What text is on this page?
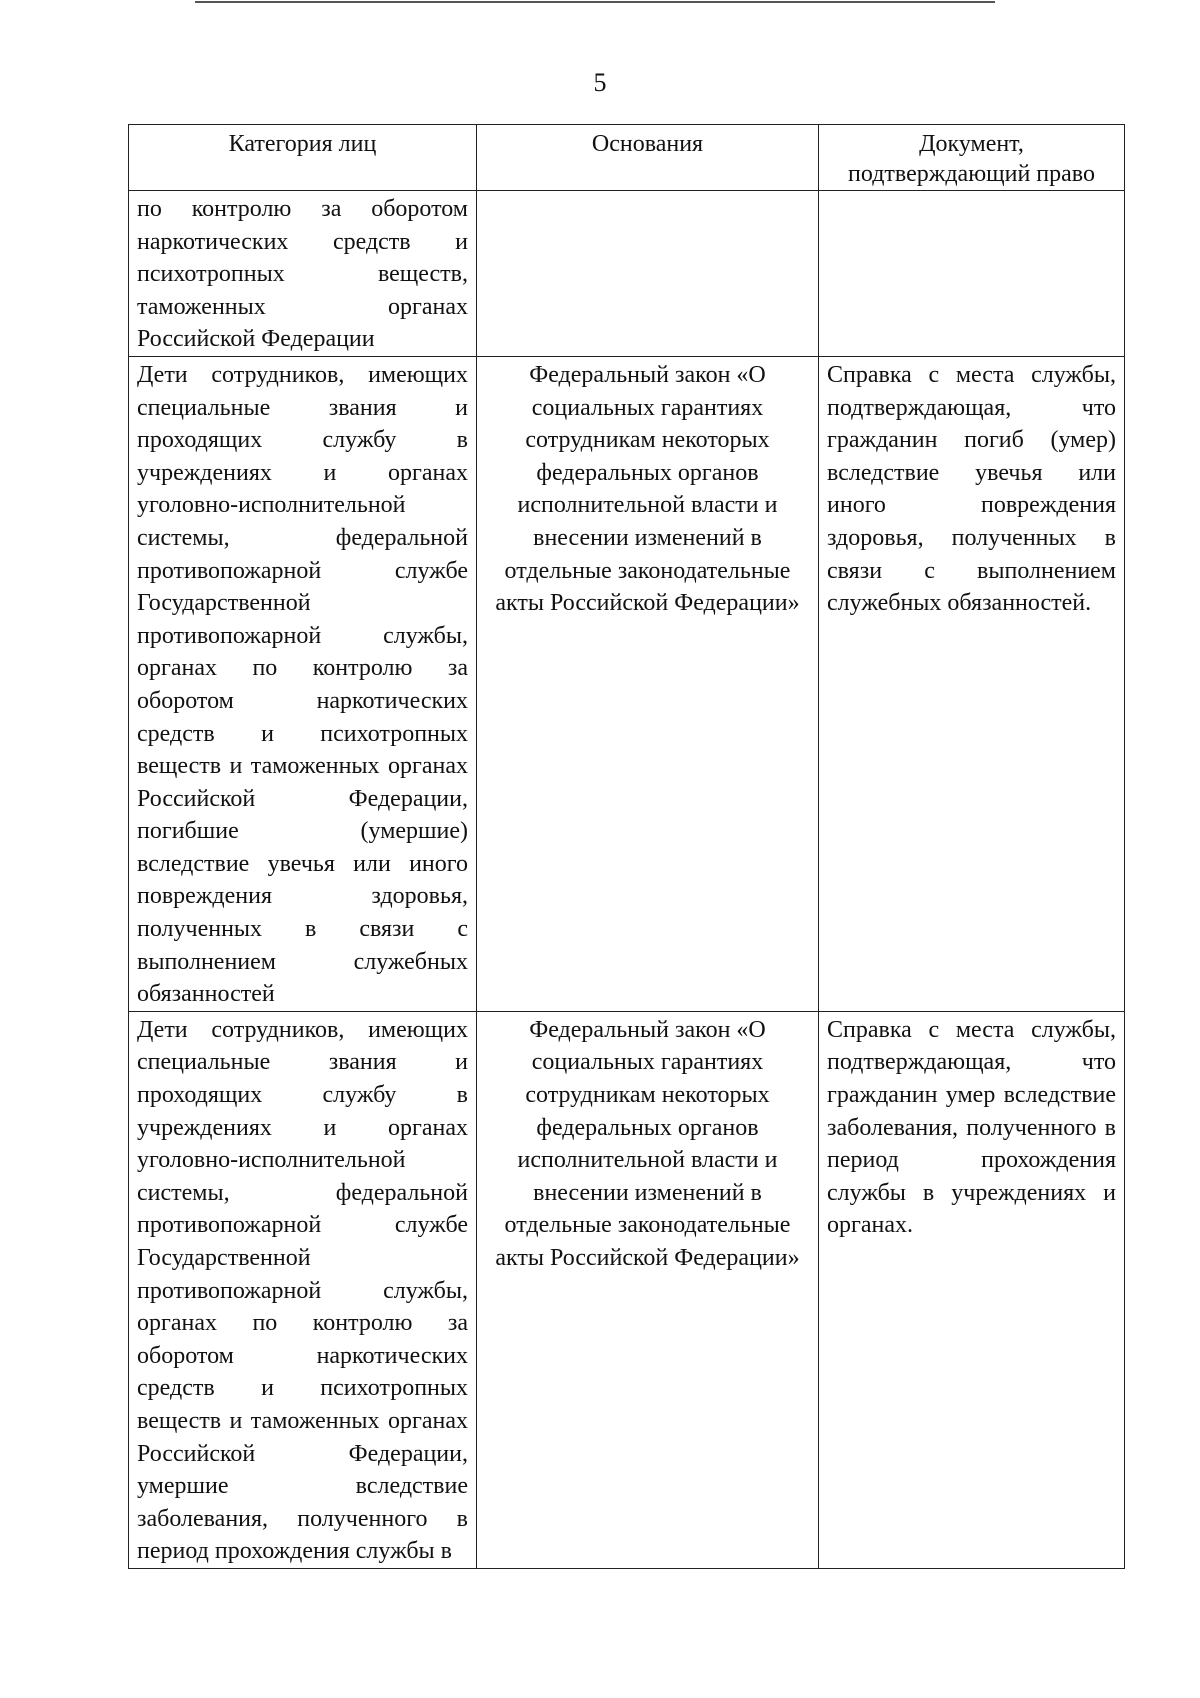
5
Категория лиц	Основания	Документ, подтверждающий право
по контролю за оборотом наркотических средств и психотропных веществ, таможенных органах Российской Федерации		
Дети сотрудников, имеющих специальные звания и проходящих службу в учреждениях и органах уголовно-исполнительной системы, федеральной противопожарной службе Государственной противопожарной службы, органах по контролю за оборотом наркотических средств и психотропных веществ и таможенных органах Российской Федерации, погибшие (умершие) вследствие увечья или иного повреждения здоровья, полученных в связи с выполнением служебных обязанностей	Федеральный закон «О социальных гарантиях сотрудникам некоторых федеральных органов исполнительной власти и внесении изменений в отдельные законодательные акты Российской Федерации»	Справка с места службы, подтверждающая, что гражданин погиб (умер) вследствие увечья или иного повреждения здоровья, полученных в связи с выполнением служебных обязанностей.
Дети сотрудников, имеющих специальные звания и проходящих службу в учреждениях и органах уголовно-исполнительной системы, федеральной противопожарной службе Государственной противопожарной службы, органах по контролю за оборотом наркотических средств и психотропных веществ и таможенных органах Российской Федерации, умершие вследствие заболевания, полученного в период прохождения службы в	Федеральный закон «О социальных гарантиях сотрудникам некоторых федеральных органов исполнительной власти и внесении изменений в отдельные законодательные акты Российской Федерации»	Справка с места службы, подтверждающая, что гражданин умер вследствие заболевания, полученного в период прохождения службы в учреждениях и органах.
